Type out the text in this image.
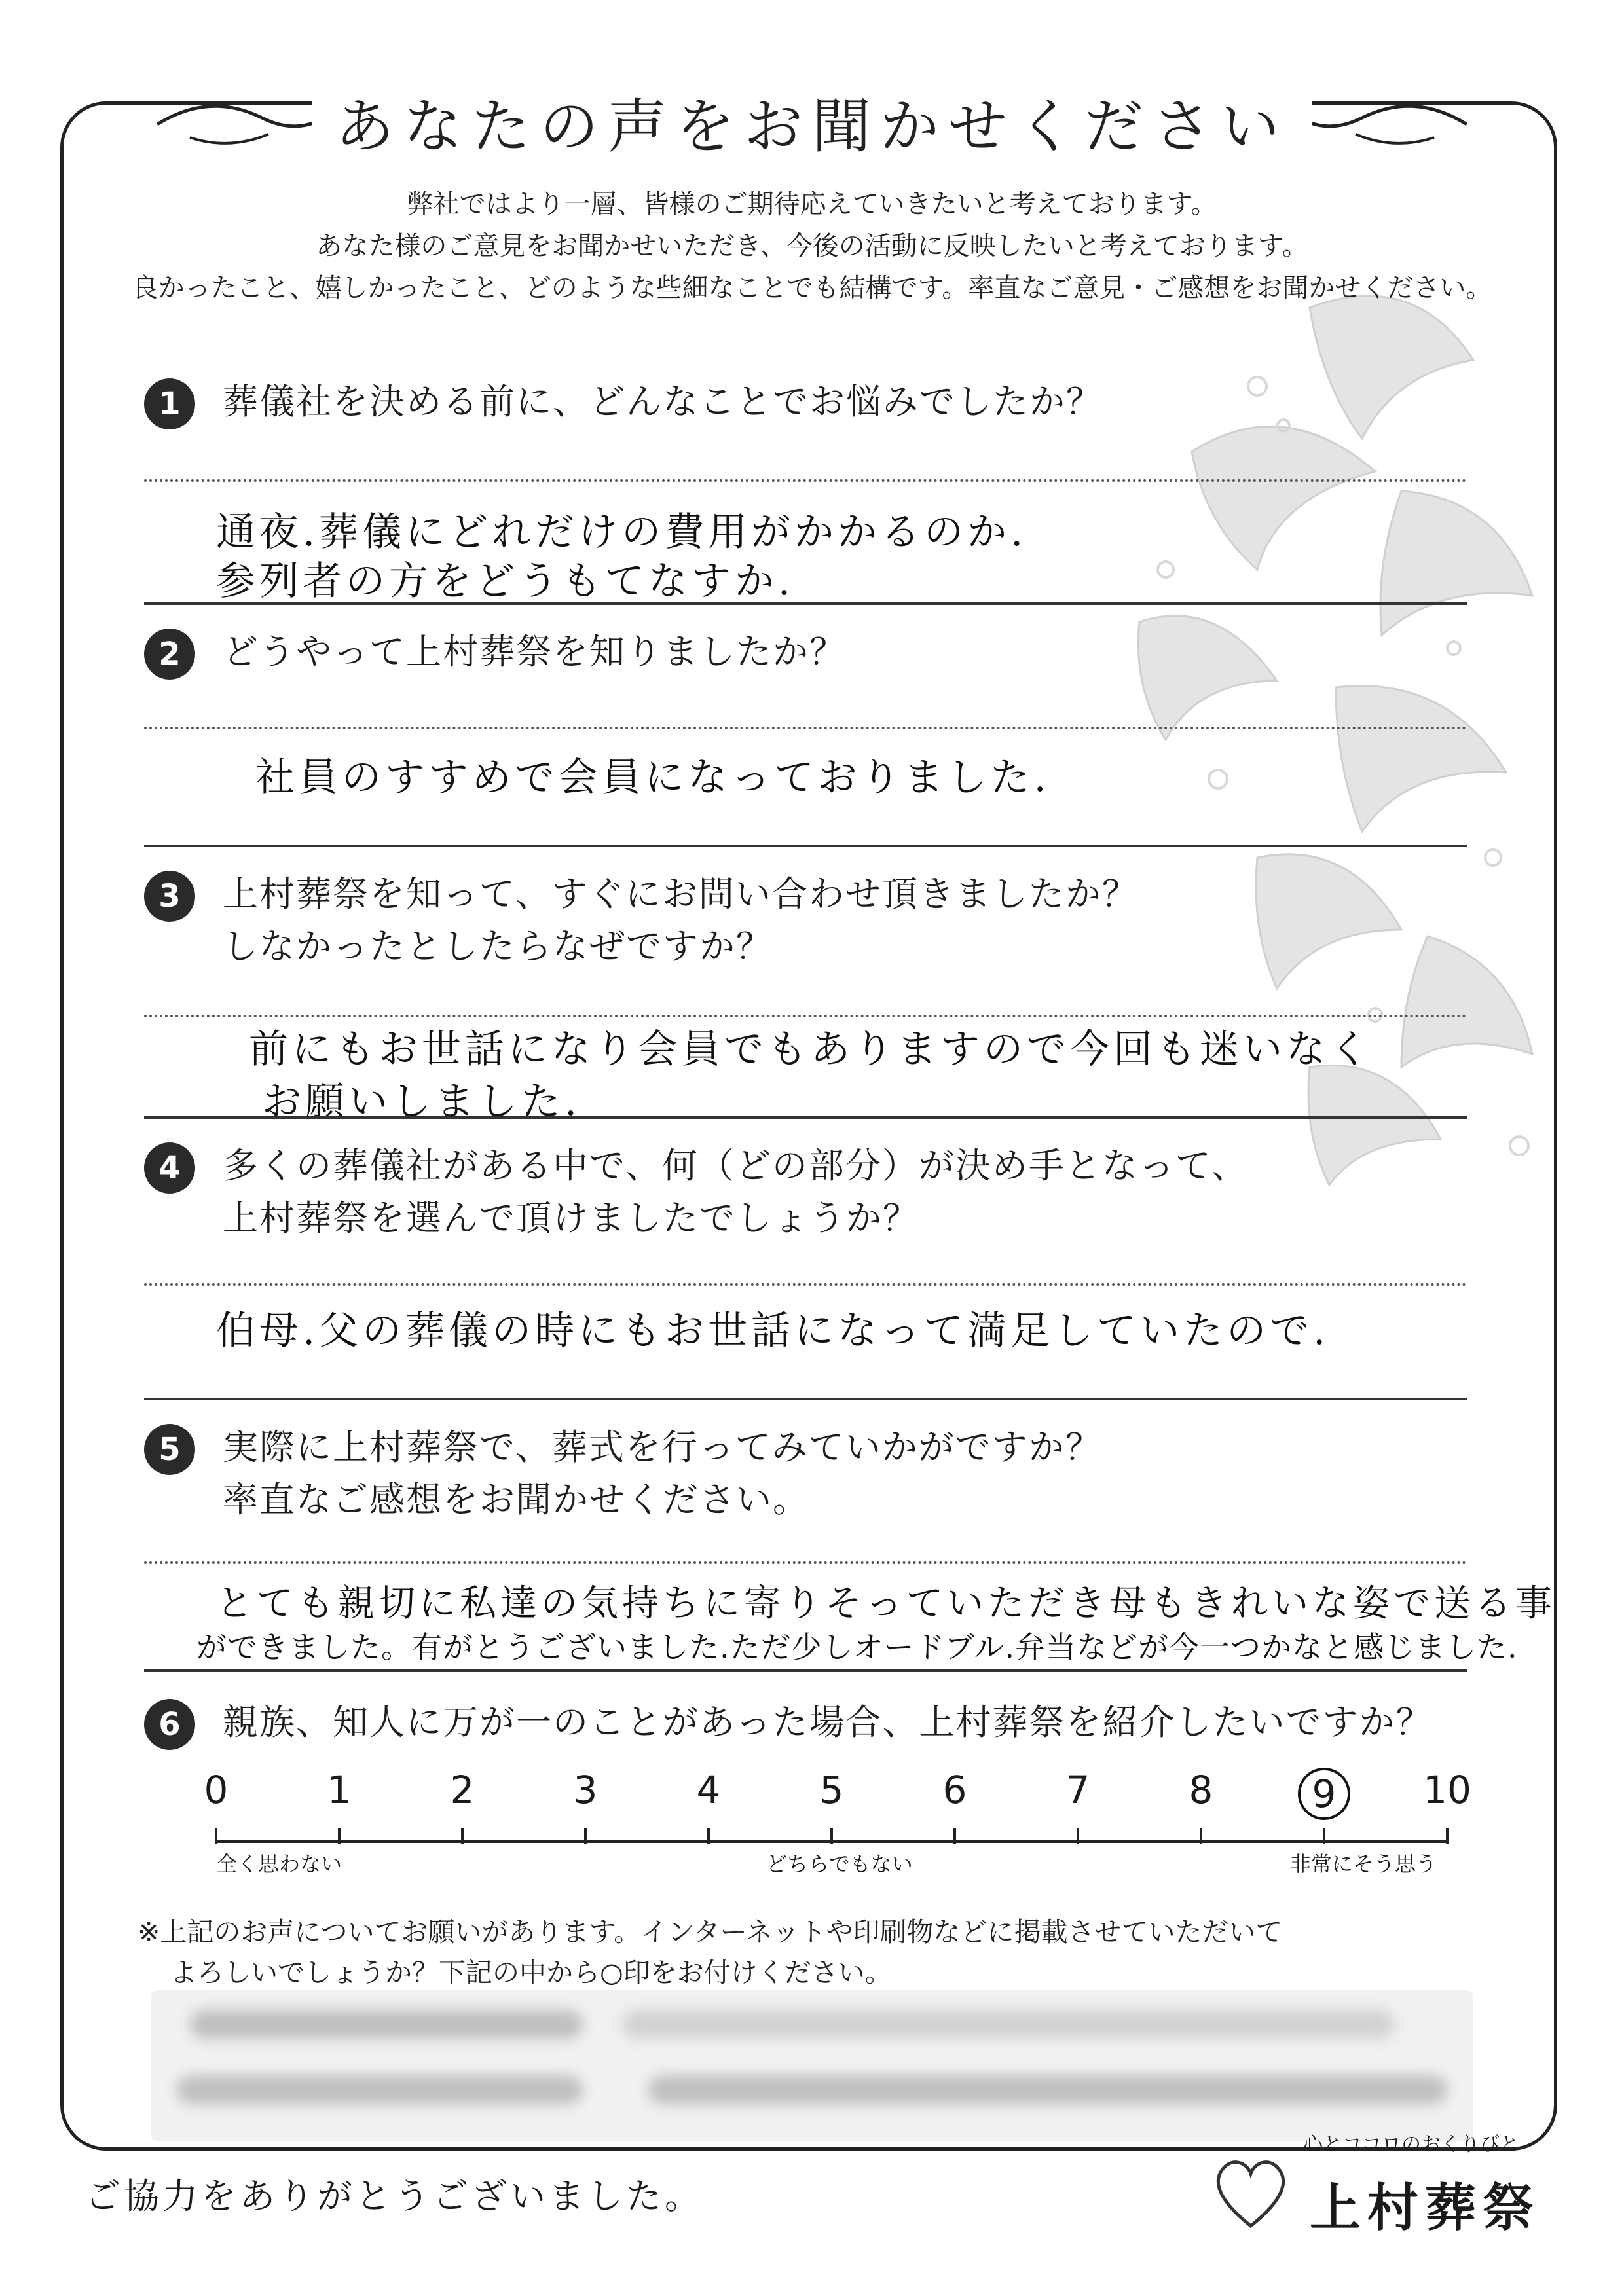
あなたの声をお聞かせください
弊社ではより一層、皆様のご期待応えていきたいと考えております。
あなた様のご意見をお聞かせいただき、今後の活動に反映したいと考えております。
良かったこと、嬉しかったこと、どのような些細なことでも結構です。率直なご意見・ご感想をお聞かせください。
1	葬儀社を決める前に、どんなことでお悩みでしたか？
通夜.葬儀にどれだけの費用がかかるのか.
参列者の方をどうもてなすか.
2	どうやって上村葬祭を知りましたか？
社員のすすめで会員になっておりました.
3	上村葬祭を知って、すぐにお問い合わせ頂きましたか？
しなかったとしたらなぜですか？
前にもお世話になり会員でもありますので今回も迷いなく
お願いしました.
4	多くの葬儀社がある中で、何（どの部分）が決め手となって、
上村葬祭を選んで頂けましたでしょうか？
伯母.父の葬儀の時にもお世話になって満足していたので.
5	実際に上村葬祭で、葬式を行ってみていかがですか？
率直なご感想をお聞かせください。
とても親切に私達の気持ちに寄りそっていただき母もきれいな姿で送る事
ができました。有がとうございました.ただ少しオードブル.弁当などが今一つかなと感じました.
6	親族、知人に万が一のことがあった場合、上村葬祭を紹介したいですか？
0	1	2	3	4	5	6	7	8	9	10
全く思わない	どちらでもない	非常にそう思う
※上記のお声についてお願いがあります。インターネットや印刷物などに掲載させていただいて
よろしいでしょうか？下記の中から○印をお付けください。
ご協力をありがとうございました。
心とココロのおくりびと
上村葬祭
